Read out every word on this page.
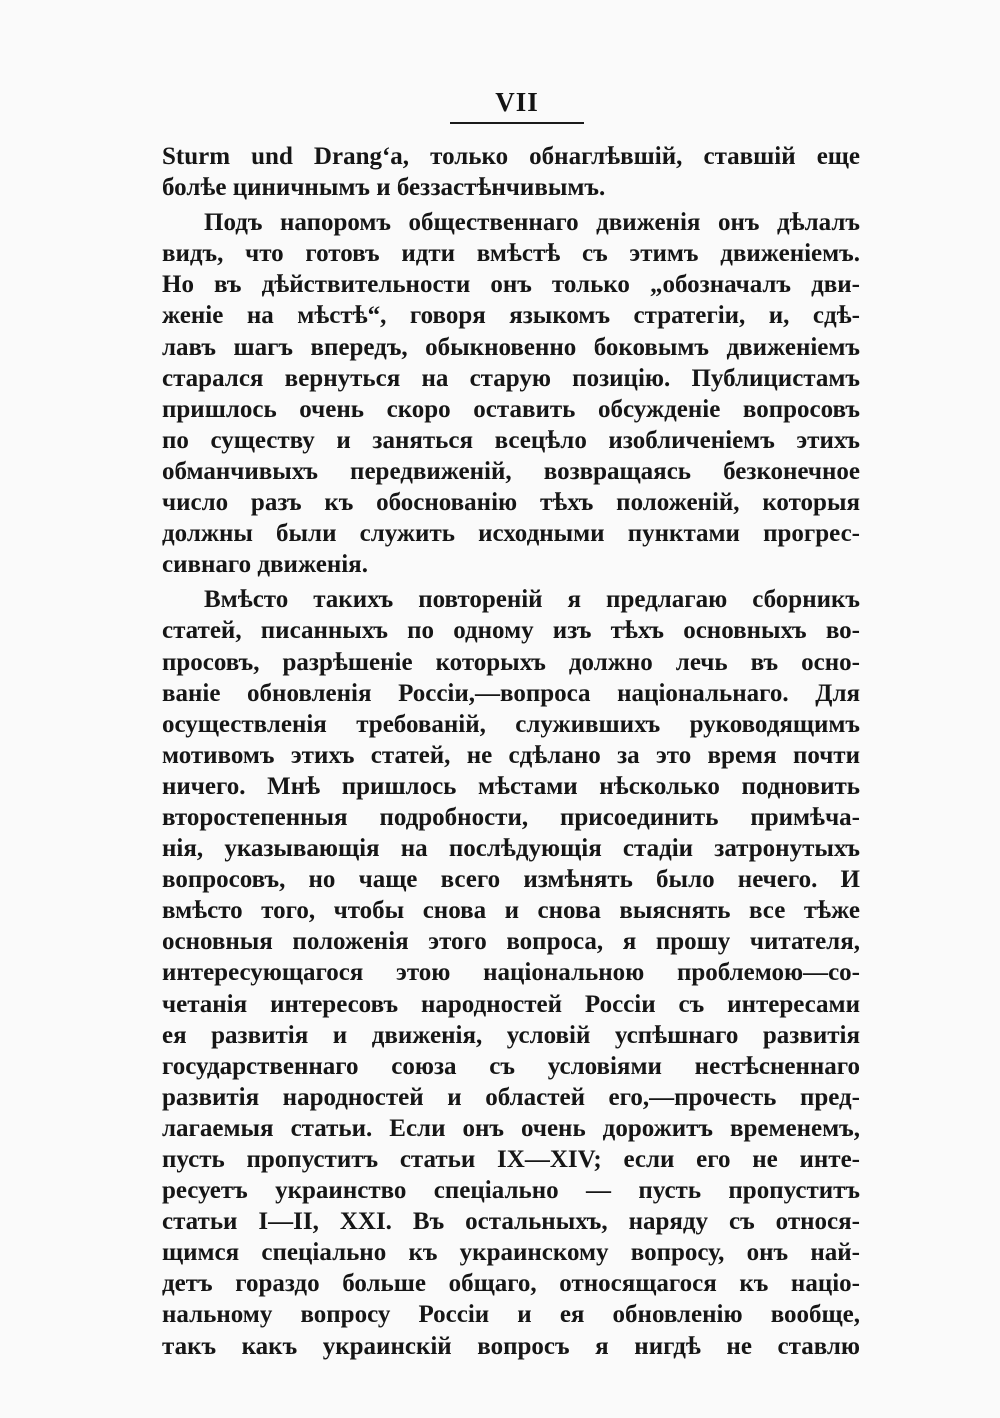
VII
Sturm und Drang‘a, только обнаглѣвшій, ставшій еще
болѣе циничнымъ и беззастѣнчивымъ.
Подъ напоромъ общественнаго движенія онъ дѣлалъ
видъ, что готовъ идти вмѣстѣ съ этимъ движеніемъ.
Но въ дѣйствительности онъ только „обозначалъ дви-
женіе на мѣстѣ“, говоря языкомъ стратегіи, и, сдѣ-
лавъ шагъ впередъ, обыкновенно боковымъ движеніемъ
старался вернуться на старую позицію. Публицистамъ
пришлось очень скоро оставить обсужденіе вопросовъ
по существу и заняться всецѣло изобличеніемъ этихъ
обманчивыхъ передвиженій, возвращаясь безконечное
число разъ къ обоснованію тѣхъ положеній, которыя
должны были служить исходными пунктами прогрес-
сивнаго движенія.
Вмѣсто такихъ повтореній я предлагаю сборникъ
статей, писанныхъ по одному изъ тѣхъ основныхъ во-
просовъ, разрѣшеніе которыхъ должно лечь въ осно-
ваніе обновленія Россіи,—вопроса національнаго. Для
осуществленія требованій, служившихъ руководящимъ
мотивомъ этихъ статей, не сдѣлано за это время почти
ничего. Мнѣ пришлось мѣстами нѣсколько подновить
второстепенныя подробности, присоединить примѣча-
нія, указывающія на послѣдующія стадіи затронутыхъ
вопросовъ, но чаще всего измѣнять было нечего. И
вмѣсто того, чтобы снова и снова выяснять все тѣже
основныя положенія этого вопроса, я прошу читателя,
интересующагося этою національною проблемою—со-
четанія интересовъ народностей Россіи съ интересами
ея развитія и движенія, условій успѣшнаго развитія
государственнаго союза съ условіями нестѣсненнаго
развитія народностей и областей его,—прочесть пред-
лагаемыя статьи. Если онъ очень дорожитъ временемъ,
пусть пропуститъ статьи IX—XIV; если его не инте-
ресуетъ украинство спеціально — пусть пропуститъ
статьи I—II, XXI. Въ остальныхъ, наряду съ относя-
щимся спеціально къ украинскому вопросу, онъ най-
детъ гораздо больше общаго, относящагося къ націо-
нальному вопросу Россіи и ея обновленію вообще,
такъ какъ украинскій вопросъ я нигдѣ не ставлю
